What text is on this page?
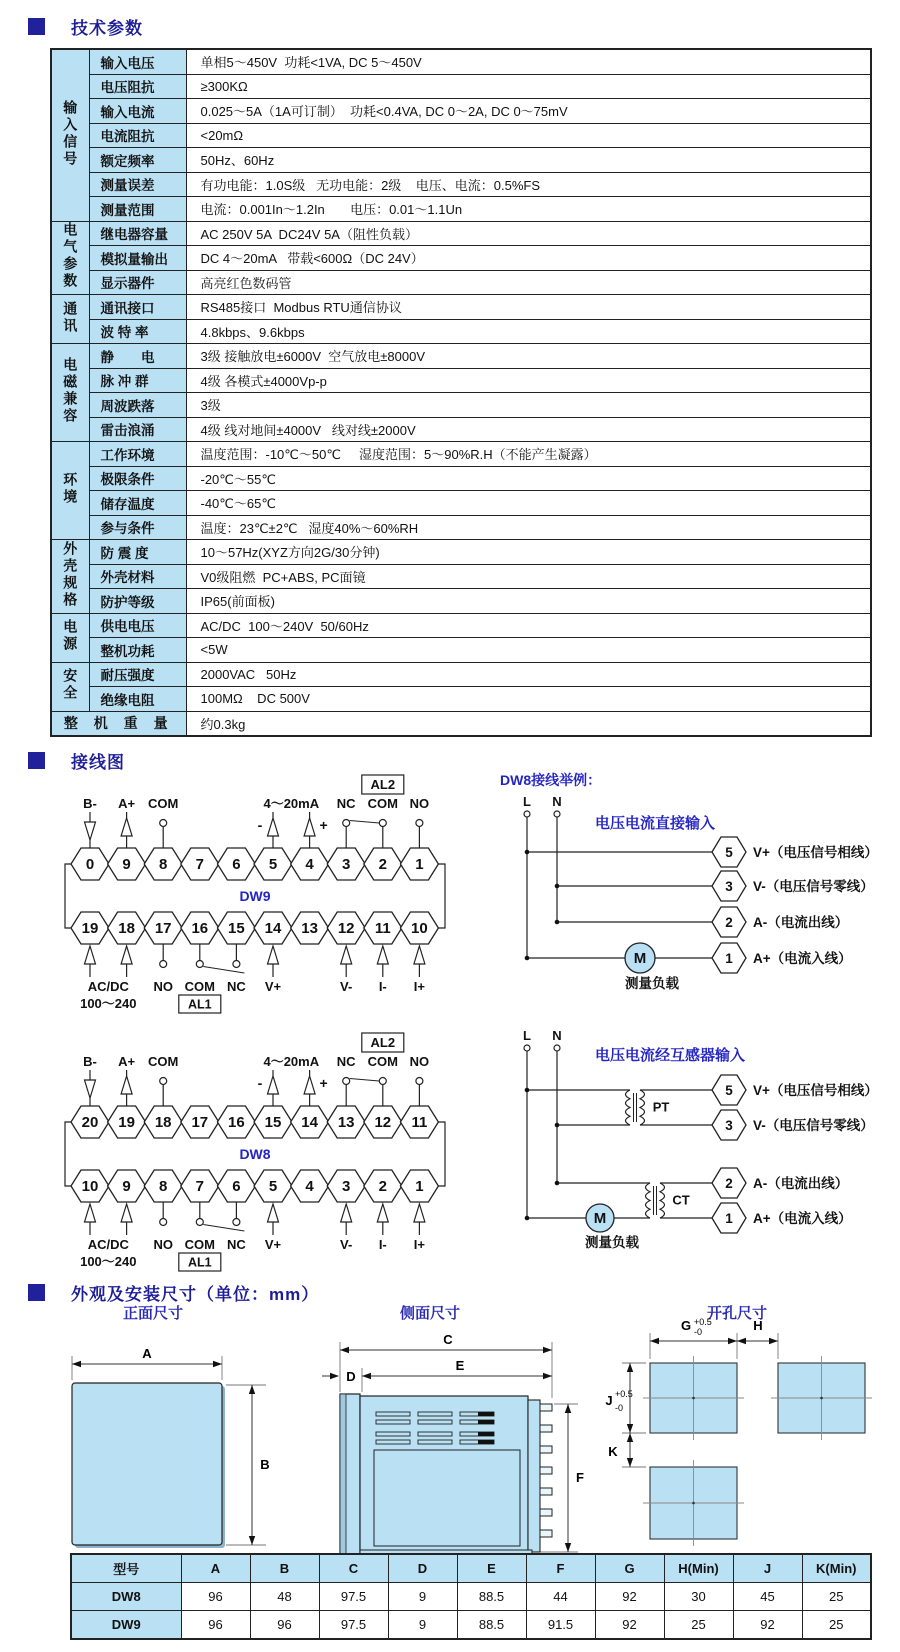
技术参数
输入信号	输入电压	单相5～450V  功耗<1VA, DC 5～450V
	电压阻抗	≥300KΩ
	输入电流	0.025～5A（1A可订制）  功耗<0.4VA, DC 0～2A, DC 0～75mV
	电流阻抗	<20mΩ
	额定频率	50Hz、60Hz
	测量误差	有功电能：1.0S级   无功电能：2级    电压、电流：0.5%FS
	测量范围	电流：0.001In～1.2In       电压：0.01～1.1Un
电气参数	继电器容量	AC 250V 5A  DC24V 5A（阻性负载）
	模拟量输出	DC 4～20mA   带载<600Ω（DC 24V）
	显示器件	高亮红色数码管
通讯	通讯接口	RS485接口  Modbus RTU通信协议
	波 特 率	4.8kbps、9.6kbps
电磁兼容	静　　电	3级 接触放电±6000V  空气放电±8000V
	脉 冲 群	4级 各模式±4000Vp-p
	周波跌落	3级
	雷击浪涌	4级 线对地间±4000V   线对线±2000V
环境	工作环境	温度范围：-10℃～50℃     湿度范围：5～90%R.H（不能产生凝露）
	极限条件	-20℃～55℃
	储存温度	-40℃～65℃
	参与条件	温度：23℃±2℃   湿度40%～60%RH
外壳规格	防 震 度	10～57Hz(XYZ方向2G/30分钟)
	外壳材料	V0级阻燃  PC+ABS, PC面镜
	防护等级	IP65(前面板)
电源	供电电压	AC/DC  100～240V  50/60Hz
	整机功耗	<5W
安全	耐压强度	2000VAC   50Hz
	绝缘电阻	100MΩ    DC 500V
整 机 重 量		约0.3kg
接线图
B- A+ COM	4～20mA
-	+
NC COM NO
AL2
0 9 8 7 6 5 4 3 2 1
19 18 17 16 15 14 13 12 11 10
DW9
AC/DC
100～240
NO COM NC
AL1
V+	V- I- I+
B- A+ COM	4～20mA
-	+
NC COM NO
AL2
20 19 18 17 16 15 14 13 12 11
10 9 8 7 6 5 4 3 2 1
DW8
AC/DC
100～240
NO COM NC
AL1
V+	V- I- I+
DW8接线举例：
L N
电压电流直接输入
M
测量负载
5 V+（电压信号相线）
3 V-（电压信号零线）
2 A-（电流出线）
1 A+（电流入线）
L N
电压电流经互感器输入
PT
CT
M
测量负载
5 V+（电压信号相线）
3 V-（电压信号零线）
2 A-（电流出线）
1 A+（电流入线）
外观及安装尺寸（单位：mm）
正面尺寸	侧面尺寸	开孔尺寸
A
B
C
E
D
F
G +0.5
-0	H
J +0.5
-0
K
型号	A	B	C	D	E	F	G	H(Min)	J	K(Min)
DW8	96	48	97.5	9	88.5	44	92	30	45	25
DW9	96	96	97.5	9	88.5	91.5	92	25	92	25
